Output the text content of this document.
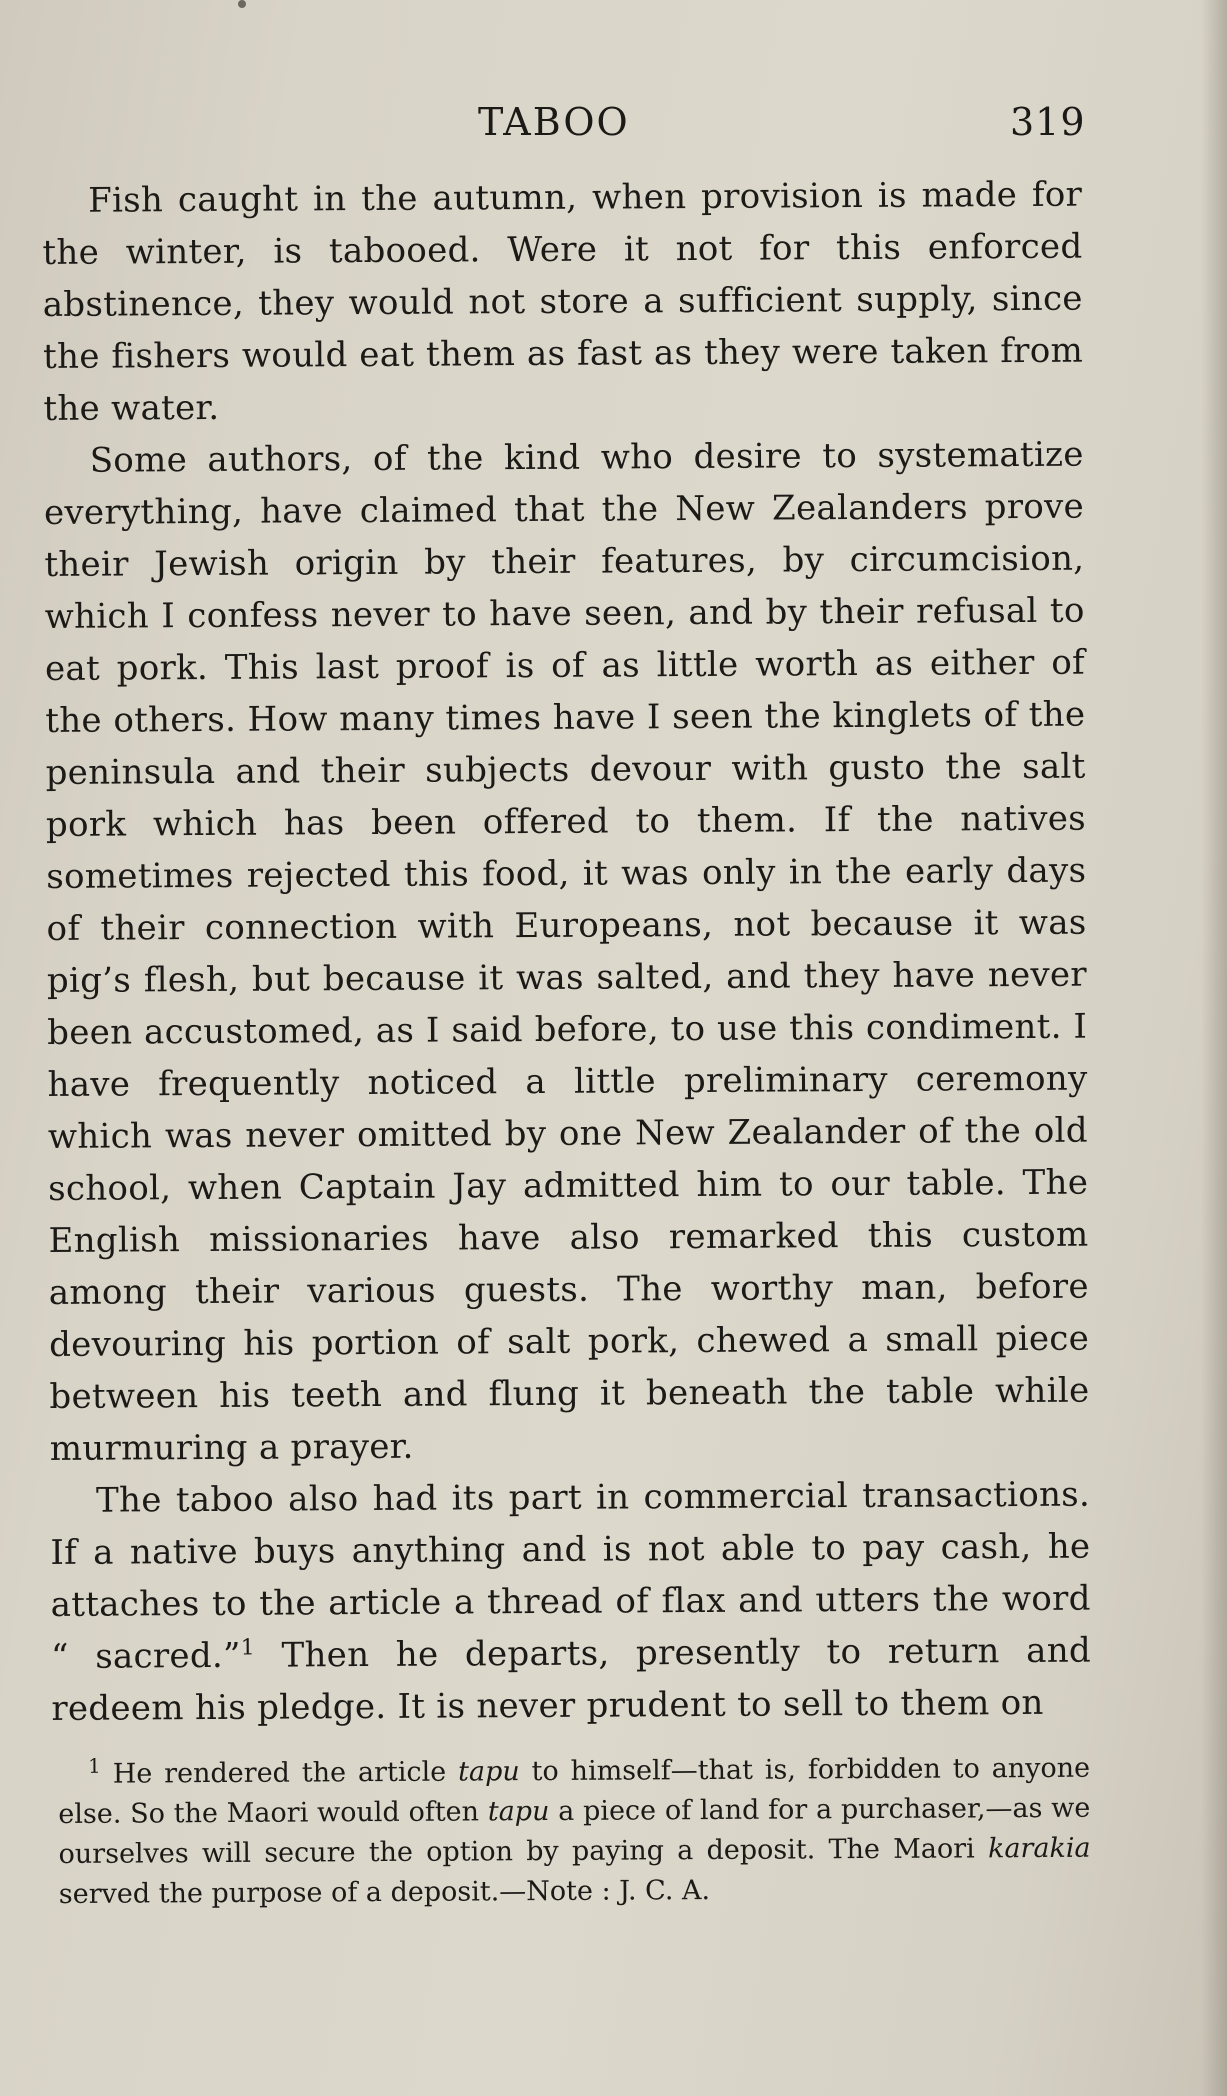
TABOO	319

Fish caught in the autumn, when provision is made for the winter, is tabooed. Were it not for this enforced abstinence, they would not store a sufficient supply, since the fishers would eat them as fast as they were taken from the water.

Some authors, of the kind who desire to systematize everything, have claimed that the New Zealanders prove their Jewish origin by their features, by circumcision, which I confess never to have seen, and by their refusal to eat pork. This last proof is of as little worth as either of the others. How many times have I seen the kinglets of the peninsula and their subjects devour with gusto the salt pork which has been offered to them. If the natives sometimes rejected this food, it was only in the early days of their connection with Europeans, not because it was pig’s flesh, but because it was salted, and they have never been accustomed, as I said before, to use this condiment. I have frequently noticed a little preliminary ceremony which was never omitted by one New Zealander of the old school, when Captain Jay admitted him to our table. The English missionaries have also remarked this custom among their various guests. The worthy man, before devouring his portion of salt pork, chewed a small piece between his teeth and flung it beneath the table while murmuring a prayer.

The taboo also had its part in commercial transactions. If a native buys anything and is not able to pay cash, he attaches to the article a thread of flax and utters the word “ sacred.”$^1$ Then he departs, presently to return and redeem his pledge. It is never prudent to sell to them on

$^1$ He rendered the article tapu to himself—that is, forbidden to anyone else. So the Maori would often tapu a piece of land for a purchaser,—as we ourselves will secure the option by paying a deposit. The Maori karakia served the purpose of a deposit.—Note : J. C. A.
